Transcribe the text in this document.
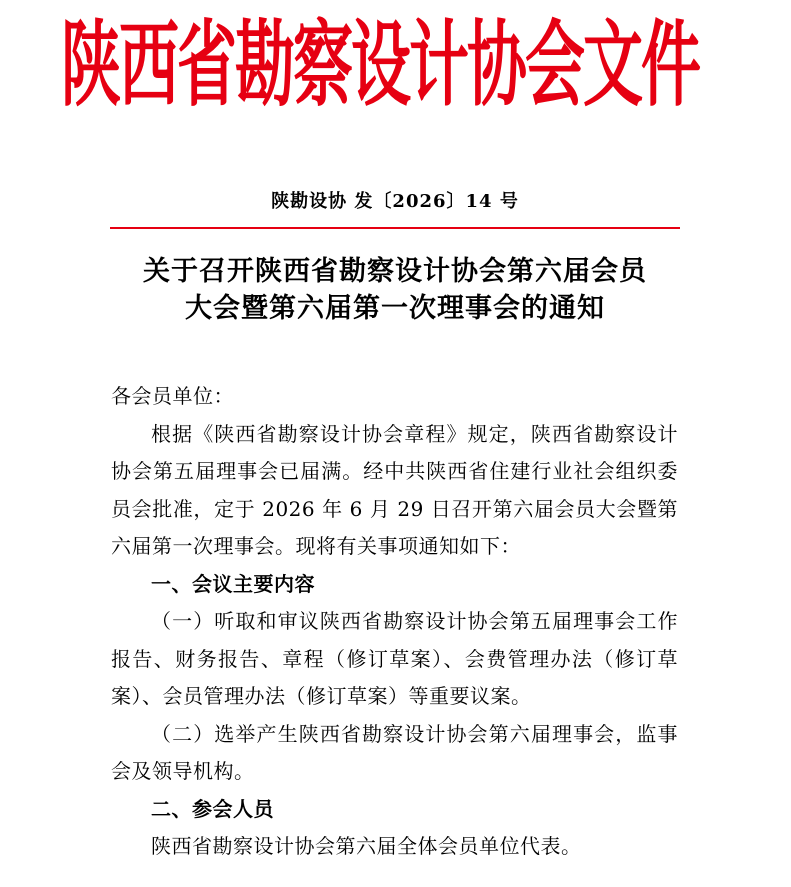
陕西省勘察设计协会文件
陕勘设协 发〔2026〕14 号
关于召开陕西省勘察设计协会第六届会员
大会暨第六届第一次理事会的通知

各会员单位：

根据《陕西省勘察设计协会章程》规定，陕西省勘察设计协会第五届理事会已届满。经中共陕西省住建行业社会组织委员会批准，定于 2026 年 6 月 29 日召开第六届会员大会暨第六届第一次理事会。现将有关事项通知如下：

一、会议主要内容

（一）听取和审议陕西省勘察设计协会第五届理事会工作报告、财务报告、章程（修订草案）、会费管理办法（修订草案）、会员管理办法（修订草案）等重要议案。

（二）选举产生陕西省勘察设计协会第六届理事会，监事会及领导机构。

二、参会人员

陕西省勘察设计协会第六届全体会员单位代表。
